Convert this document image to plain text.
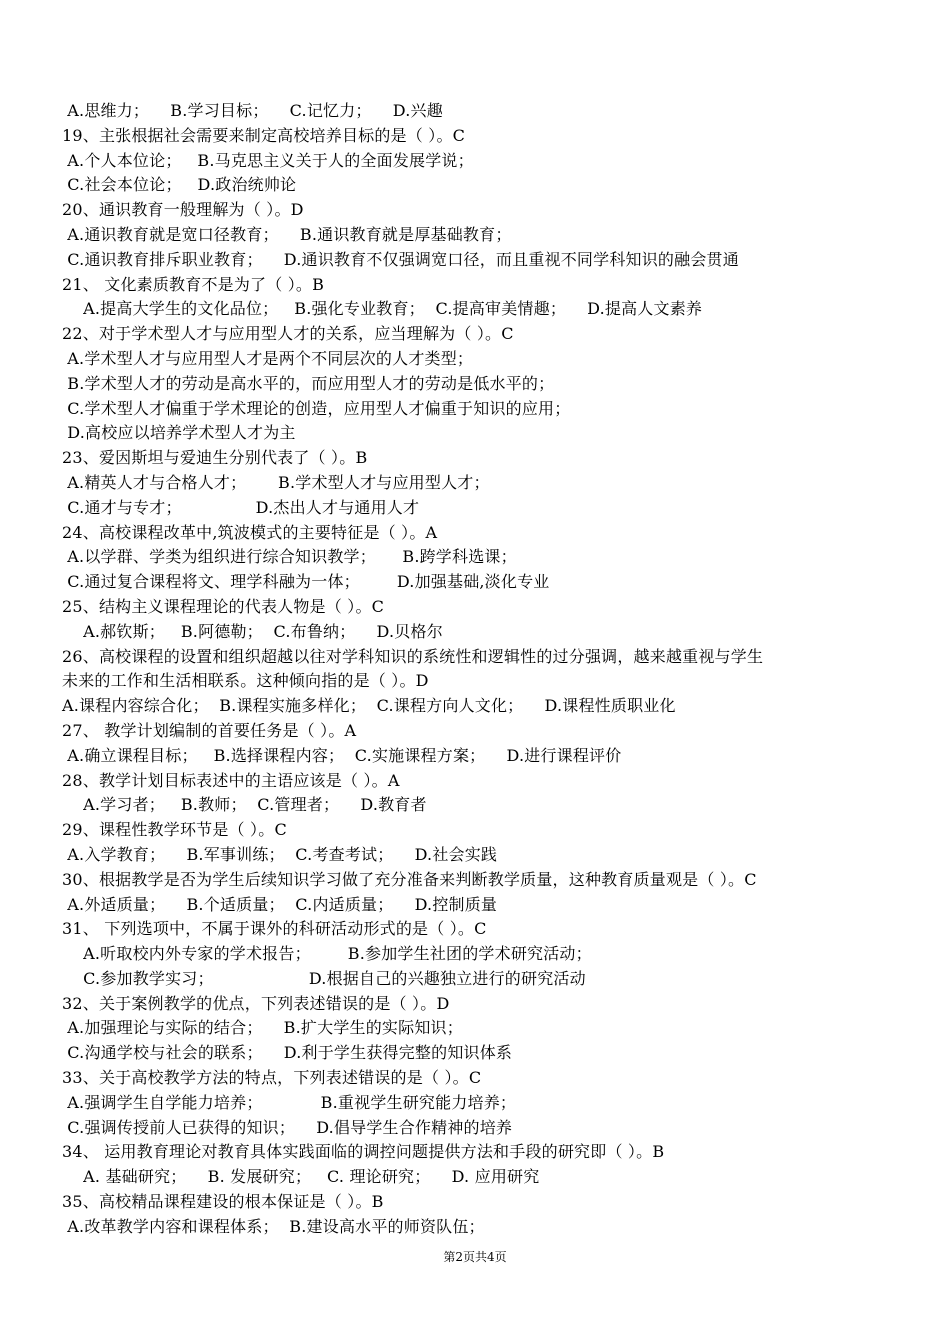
A.思维力；    B.学习目标；    C.记忆力；    D.兴趣
19、主张根据社会需要来制定高校培养目标的是（ ）。C
A.个人本位论；   B.马克思主义关于人的全面发展学说；
C.社会本位论；   D.政治统帅论
20、通识教育一般理解为（ ）。D
A.通识教育就是宽口径教育；    B.通识教育就是厚基础教育；
C.通识教育排斥职业教育；    D.通识教育不仅强调宽口径，而且重视不同学科知识的融会贯通
21、 文化素质教育不是为了（ ）。B
A.提高大学生的文化品位；   B.强化专业教育；  C.提高审美情趣；    D.提高人文素养
22、对于学术型人才与应用型人才的关系，应当理解为（ ）。C
A.学术型人才与应用型人才是两个不同层次的人才类型；
B.学术型人才的劳动是高水平的，而应用型人才的劳动是低水平的；
C.学术型人才偏重于学术理论的创造，应用型人才偏重于知识的应用；
D.高校应以培养学术型人才为主
23、爱因斯坦与爱迪生分别代表了（ ）。B
A.精英人才与合格人才；      B.学术型人才与应用型人才；
C.通才与专才；              D.杰出人才与通用人才
24、高校课程改革中,筑波模式的主要特征是（ ）。A
A.以学群、学类为组织进行综合知识教学；     B.跨学科选课；
C.通过复合课程将文、理学科融为一体；       D.加强基础,淡化专业
25、结构主义课程理论的代表人物是（ ）。C
A.郝钦斯；   B.阿德勒；  C.布鲁纳；    D.贝格尔
26、高校课程的设置和组织超越以往对学科知识的系统性和逻辑性的过分强调，越来越重视与学生
未来的工作和生活相联系。这种倾向指的是（ ）。D
A.课程内容综合化；  B.课程实施多样化；  C.课程方向人文化；    D.课程性质职业化
27、 教学计划编制的首要任务是（ ）。A
A.确立课程目标；   B.选择课程内容；  C.实施课程方案；    D.进行课程评价
28、教学计划目标表述中的主语应该是（ ）。A
A.学习者；   B.教师；  C.管理者；    D.教育者
29、课程性教学环节是（ ）。C
A.入学教育；    B.军事训练；  C.考查考试；    D.社会实践
30、根据教学是否为学生后续知识学习做了充分准备来判断教学质量，这种教育质量观是（ ）。C
A.外适质量；    B.个适质量；  C.内适质量；    D.控制质量
31、 下列选项中，不属于课外的科研活动形式的是（ ）。C
A.听取校内外专家的学术报告；       B.参加学生社团的学术研究活动；
C.参加教学实习；                  D.根据自己的兴趣独立进行的研究活动
32、关于案例教学的优点，下列表述错误的是（ ）。D
A.加强理论与实际的结合；    B.扩大学生的实际知识；
C.沟通学校与社会的联系；    D.利于学生获得完整的知识体系
33、关于高校教学方法的特点，下列表述错误的是（ ）。C
A.强调学生自学能力培养；           B.重视学生研究能力培养；
C.强调传授前人已获得的知识；    D.倡导学生合作精神的培养
34、 运用教育理论对教育具体实践面临的调控问题提供方法和手段的研究即（ ）。B
A. 基础研究；    B. 发展研究；   C. 理论研究；    D. 应用研究
35、高校精品课程建设的根本保证是（ ）。B
A.改革教学内容和课程体系；  B.建设高水平的师资队伍；
第2页共4页
